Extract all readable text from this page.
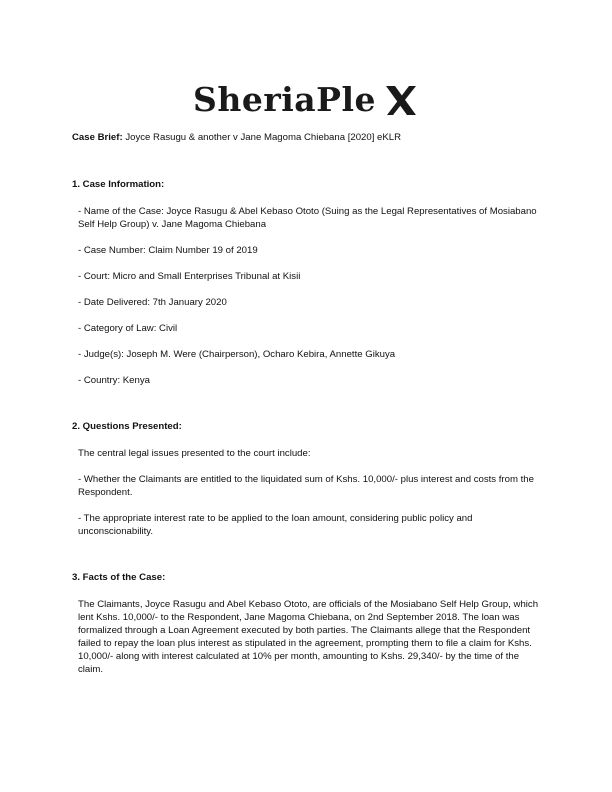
SheriaPle
Case Brief: Joyce Rasugu & another v Jane Magoma Chiebana [2020] eKLR
1. Case Information:
- Name of the Case: Joyce Rasugu & Abel Kebaso Ototo (Suing as the Legal Representatives of Mosiabano Self Help Group) v. Jane Magoma Chiebana
- Case Number: Claim Number 19 of 2019
- Court: Micro and Small Enterprises Tribunal at Kisii
- Date Delivered: 7th January 2020
- Category of Law: Civil
- Judge(s): Joseph M. Were (Chairperson), Ocharo Kebira, Annette Gikuya
- Country: Kenya
2. Questions Presented:
The central legal issues presented to the court include:
- Whether the Claimants are entitled to the liquidated sum of Kshs. 10,000/- plus interest and costs from the Respondent.
- The appropriate interest rate to be applied to the loan amount, considering public policy and unconscionability.
3. Facts of the Case:
The Claimants, Joyce Rasugu and Abel Kebaso Ototo, are officials of the Mosiabano Self Help Group, which lent Kshs. 10,000/- to the Respondent, Jane Magoma Chiebana, on 2nd September 2018. The loan was formalized through a Loan Agreement executed by both parties. The Claimants allege that the Respondent failed to repay the loan plus interest as stipulated in the agreement, prompting them to file a claim for Kshs. 10,000/- along with interest calculated at 10% per month, amounting to Kshs. 29,340/- by the time of the claim.
